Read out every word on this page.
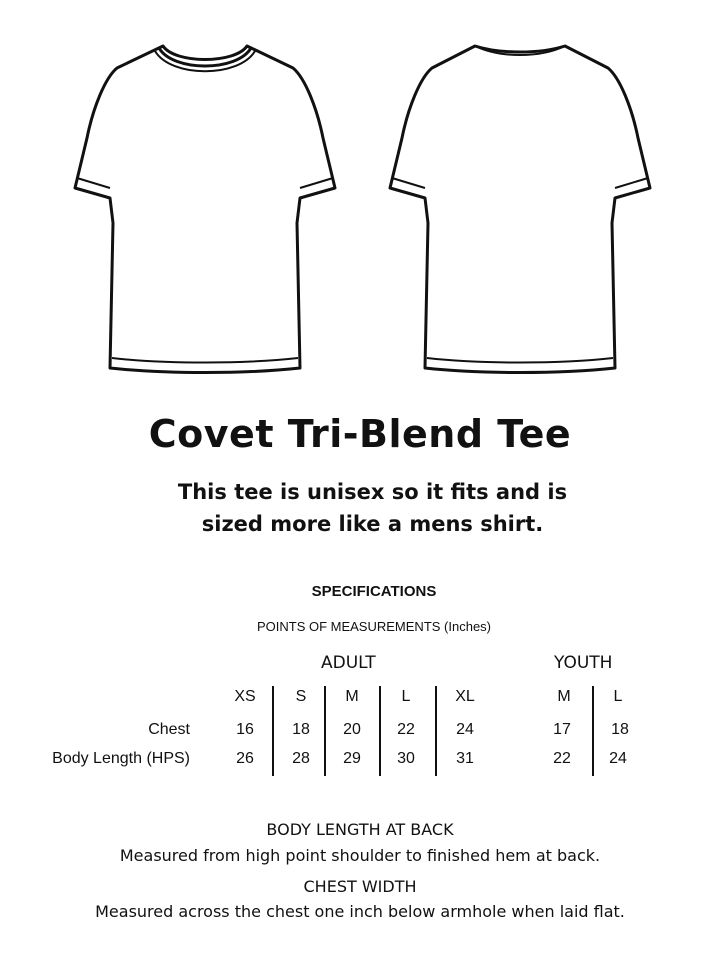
Covet Tri-Blend Tee
This tee is unisex so it fits and is
sized more like a mens shirt.
SPECIFICATIONS
POINTS OF MEASUREMENTS (Inches)
ADULT	YOUTH
XS	S	M	L	XL	M	L
Chest	16	18	20	22	24	17	18
Body Length (HPS)	26	28	29	30	31	22	24
BODY LENGTH AT BACK
Measured from high point shoulder to finished hem at back.
CHEST WIDTH
Measured across the chest one inch below armhole when laid flat.
